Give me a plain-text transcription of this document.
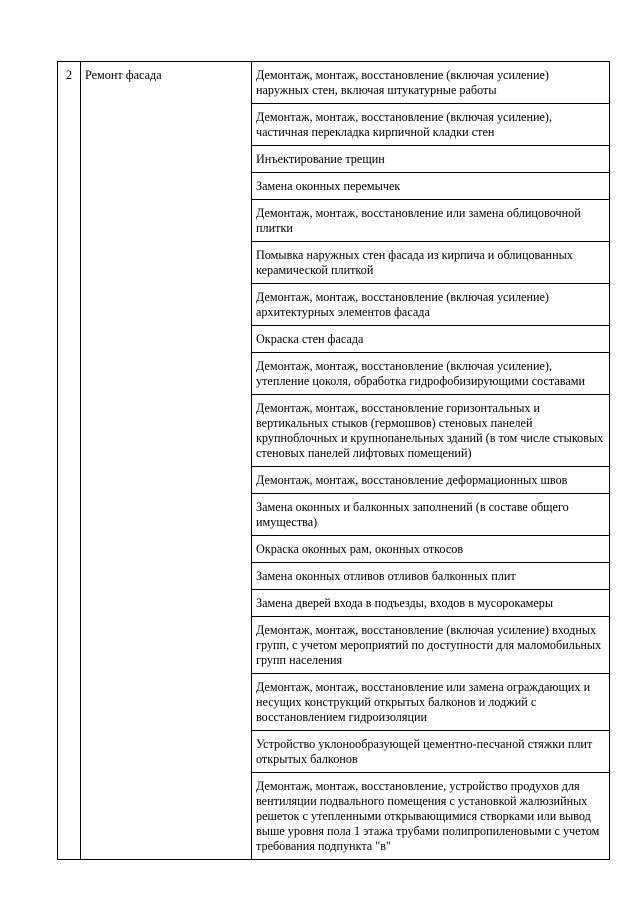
2	Ремонт фасада	Демонтаж, монтаж, восстановление (включая усиление) наружных стен, включая штукатурные работы
Демонтаж, монтаж, восстановление (включая усиление), частичная перекладка кирпичной кладки стен
Инъектирование трещин
Замена оконных перемычек
Демонтаж, монтаж, восстановление или замена облицовочной плитки
Помывка наружных стен фасада из кирпича и облицованных керамической плиткой
Демонтаж, монтаж, восстановление (включая усиление) архитектурных элементов фасада
Окраска стен фасада
Демонтаж, монтаж, восстановление (включая усиление), утепление цоколя, обработка гидрофобизирующими составами
Демонтаж, монтаж, восстановление горизонтальных и вертикальных стыков (гермошвов) стеновых панелей крупноблочных и крупнопанельных зданий (в том числе стыковых стеновых панелей лифтовых помещений)
Демонтаж, монтаж, восстановление деформационных швов
Замена оконных и балконных заполнений (в составе общего имущества)
Окраска оконных рам, оконных откосов
Замена оконных отливов отливов балконных плит
Замена дверей входа в подъезды, входов в мусорокамеры
Демонтаж, монтаж, восстановление (включая усиление) входных групп, с учетом мероприятий по доступности для маломобильных групп населения
Демонтаж, монтаж, восстановление или замена ограждающих и несущих конструкций открытых балконов и лоджий с восстановлением гидроизоляции
Устройство уклонообразующей цементно-песчаной стяжки плит открытых балконов
Демонтаж, монтаж, восстановление, устройство продухов для вентиляции подвального помещения с установкой жалюзийных решеток с утепленными открывающимися створками или вывод выше уровня пола 1 этажа трубами полипропиленовыми с учетом требования подпункта "в"
